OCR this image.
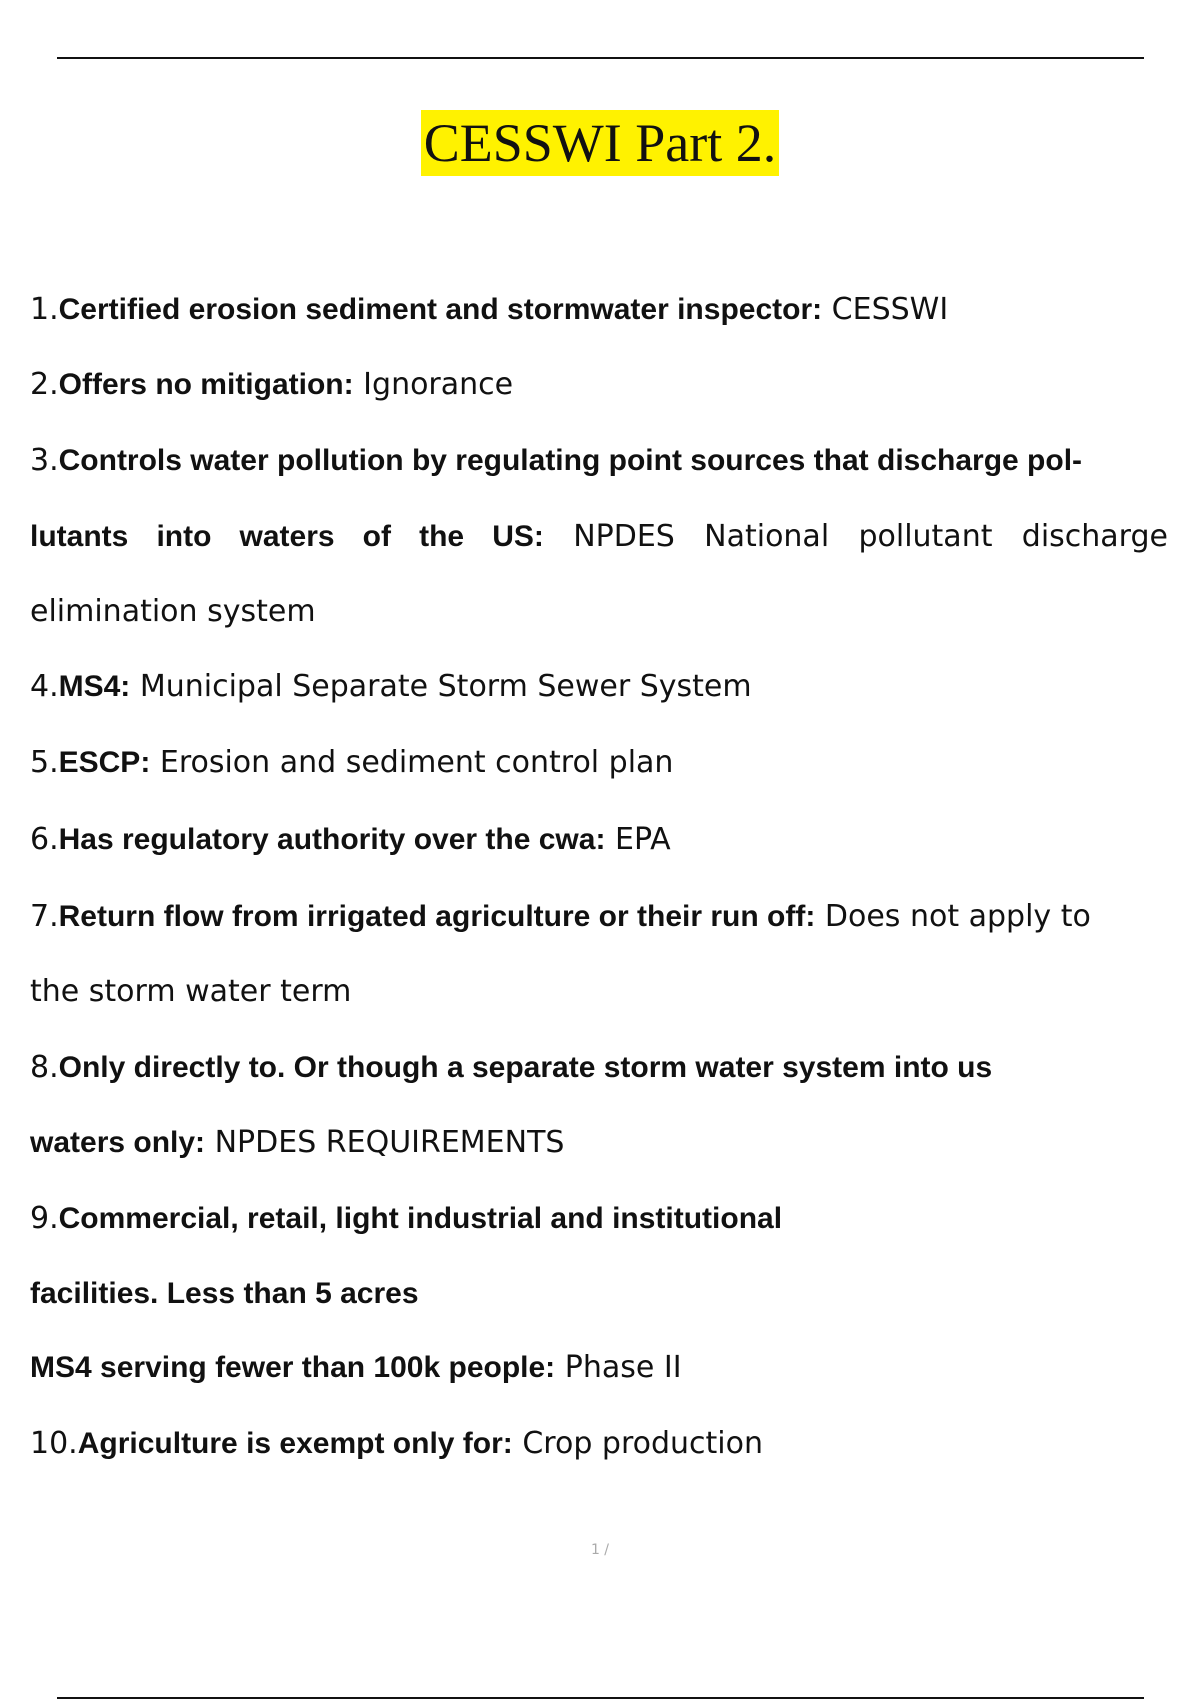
CESSWI Part 2.
1.Certified erosion sediment and stormwater inspector: CESSWI
2.Offers no mitigation: Ignorance
3.Controls water pollution by regulating point sources that discharge pol-
lutants into waters of the US: NPDES National pollutant discharge
elimination system
4.MS4: Municipal Separate Storm Sewer System
5.ESCP: Erosion and sediment control plan
6.Has regulatory authority over the cwa: EPA
7.Return flow from irrigated agriculture or their run off: Does not apply to
the storm water term
8.Only directly to. Or though a separate storm water system into us
waters only: NPDES REQUIREMENTS
9.Commercial, retail, light industrial and institutional
facilities. Less than 5 acres
MS4 serving fewer than 100k people: Phase II
10.Agriculture is exempt only for: Crop production
1 /
